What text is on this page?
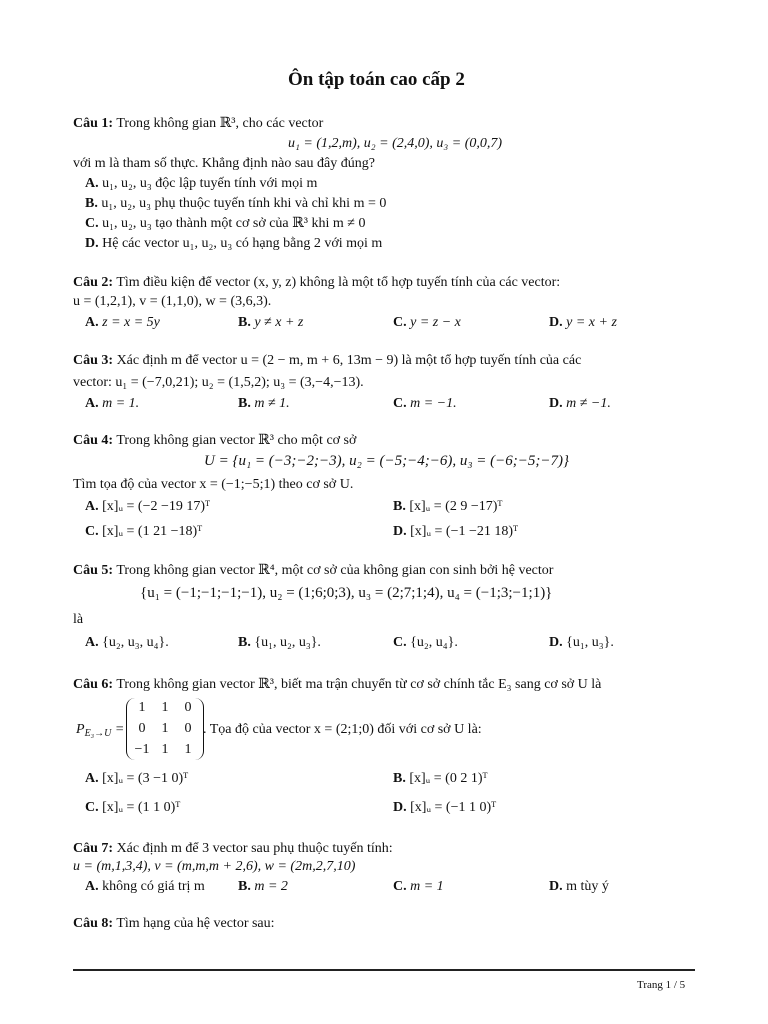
Ôn tập toán cao cấp 2
Câu 1: Trong không gian ℝ³, cho các vector
u₁ = (1,2,m), u₂ = (2,4,0), u₃ = (0,0,7)
với m là tham số thực. Khẳng định nào sau đây đúng?
A. u₁, u₂, u₃ độc lập tuyến tính với mọi m
B. u₁, u₂, u₃ phụ thuộc tuyến tính khi và chỉ khi m = 0
C. u₁, u₂, u₃ tạo thành một cơ sở của ℝ³ khi m ≠ 0
D. Hệ các vector u₁, u₂, u₃ có hạng bằng 2 với mọi m
Câu 2: Tìm điều kiện để vector (x, y, z) không là một tổ hợp tuyến tính của các vector:
u = (1,2,1), v = (1,1,0), w = (3,6,3).
A. z = x = 5y	B. y ≠ x + z	C. y = z − x	D. y = x + z
Câu 3: Xác định m để vector u = (2 − m, m + 6, 13m − 9) là một tổ hợp tuyến tính của các
vector: u₁ = (−7,0,21); u₂ = (1,5,2); u₃ = (3,−4,−13).
A. m = 1.	B. m ≠ 1.	C. m = −1.	D. m ≠ −1.
Câu 4: Trong không gian vector ℝ³ cho một cơ sở
U = {u₁ = (−3;−2;−3), u₂ = (−5;−4;−6), u₃ = (−6;−5;−7)}
Tìm tọa độ của vector x = (−1;−5;1) theo cơ sở U.
A. [x]ᵤ = (−2 −19 17)ᵀ	B. [x]ᵤ = (2 9 −17)ᵀ
C. [x]ᵤ = (1 21 −18)ᵀ	D. [x]ᵤ = (−1 −21 18)ᵀ
Câu 5: Trong không gian vector ℝ⁴, một cơ sở của không gian con sinh bởi hệ vector
{u₁ = (−1;−1;−1;−1), u₂ = (1;6;0;3), u₃ = (2;7;1;4), u₄ = (−1;3;−1;1)}
là
A. {u₂, u₃, u₄}.	B. {u₁, u₂, u₃}.	C. {u₂, u₄}.	D. {u₁, u₃}.
Câu 6: Trong không gian vector ℝ³, biết ma trận chuyển từ cơ sở chính tắc E₃ sang cơ sở U là
$P_{E_3\to U}$ =
1	1	0
0	1	0
−1 1	1
. Tọa độ của vector x = (2;1;0) đối với cơ sở U là:
A. [x]ᵤ = (3 −1 0)ᵀ	B. [x]ᵤ = (0 2 1)ᵀ
C. [x]ᵤ = (1 1 0)ᵀ	D. [x]ᵤ = (−1 1 0)ᵀ
Câu 7: Xác định m để 3 vector sau phụ thuộc tuyến tính:
u = (m,1,3,4), v = (m,m,m + 2,6), w = (2m,2,7,10)
A. không có giá trị m B. m = 2	C. m = 1	D. m tùy ý
Câu 8: Tìm hạng của hệ vector sau:
Trang 1 / 5
